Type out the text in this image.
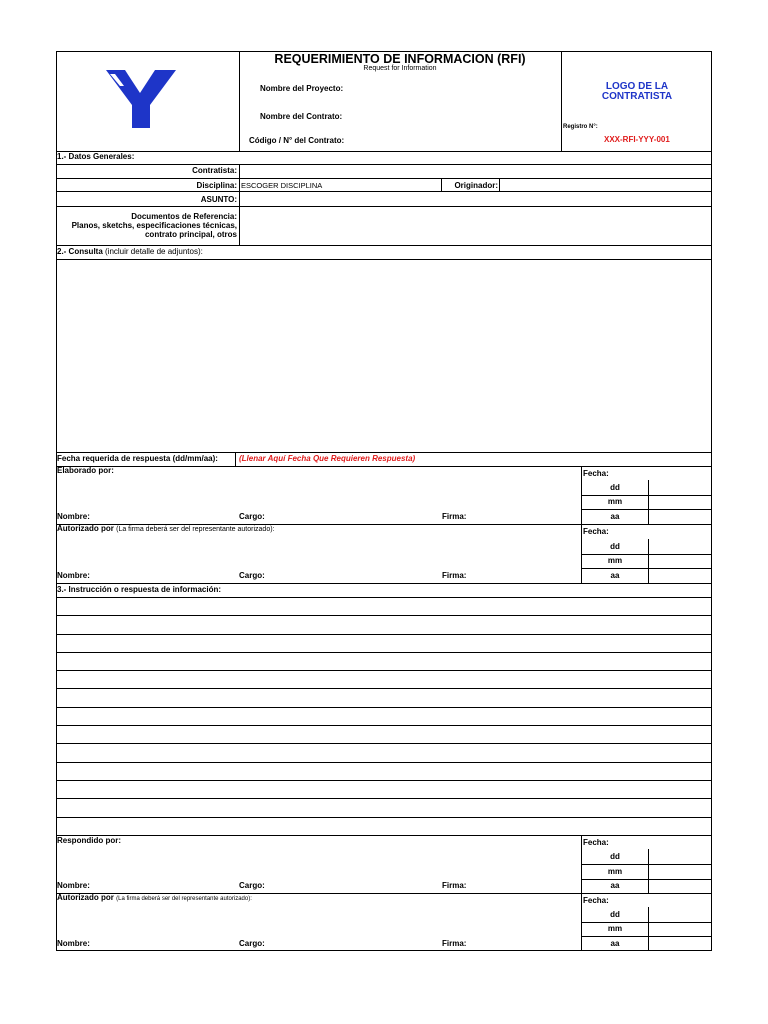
REQUERIMIENTO DE INFORMACION (RFI)
Request for Information
Nombre del Proyecto:
Nombre del Contrato:
Código / N° del Contrato:
LOGO DE LA
CONTRATISTA
Registro N°:
XXX-RFI-YYY-001
1.- Datos Generales:
Contratista:
Disciplina: ESCOGER DISCIPLINA	Originador:
ASUNTO:
Documentos de Referencia:
Planos, sketchs, especificaciones técnicas,
contrato principal, otros
2.- Consulta (incluir detalle de adjuntos):
Fecha requerida de respuesta (dd/mm/aa):	(Llenar Aquí Fecha Que Requieren Respuesta)
Elaborado por:	Fecha:
dd
mm
aa
Nombre:	Cargo:	Firma:
Autorizado por (La firma deberá ser del representante autorizado):	Fecha:
dd
mm
aa
Nombre:	Cargo:	Firma:
3.- Instrucción o respuesta de información:
Respondido por:	Fecha:
dd
mm
aa
Nombre:	Cargo:	Firma:
Autorizado por (La firma deberá ser del representante autorizado):	Fecha:
dd
mm
aa
Nombre:	Cargo:	Firma:
